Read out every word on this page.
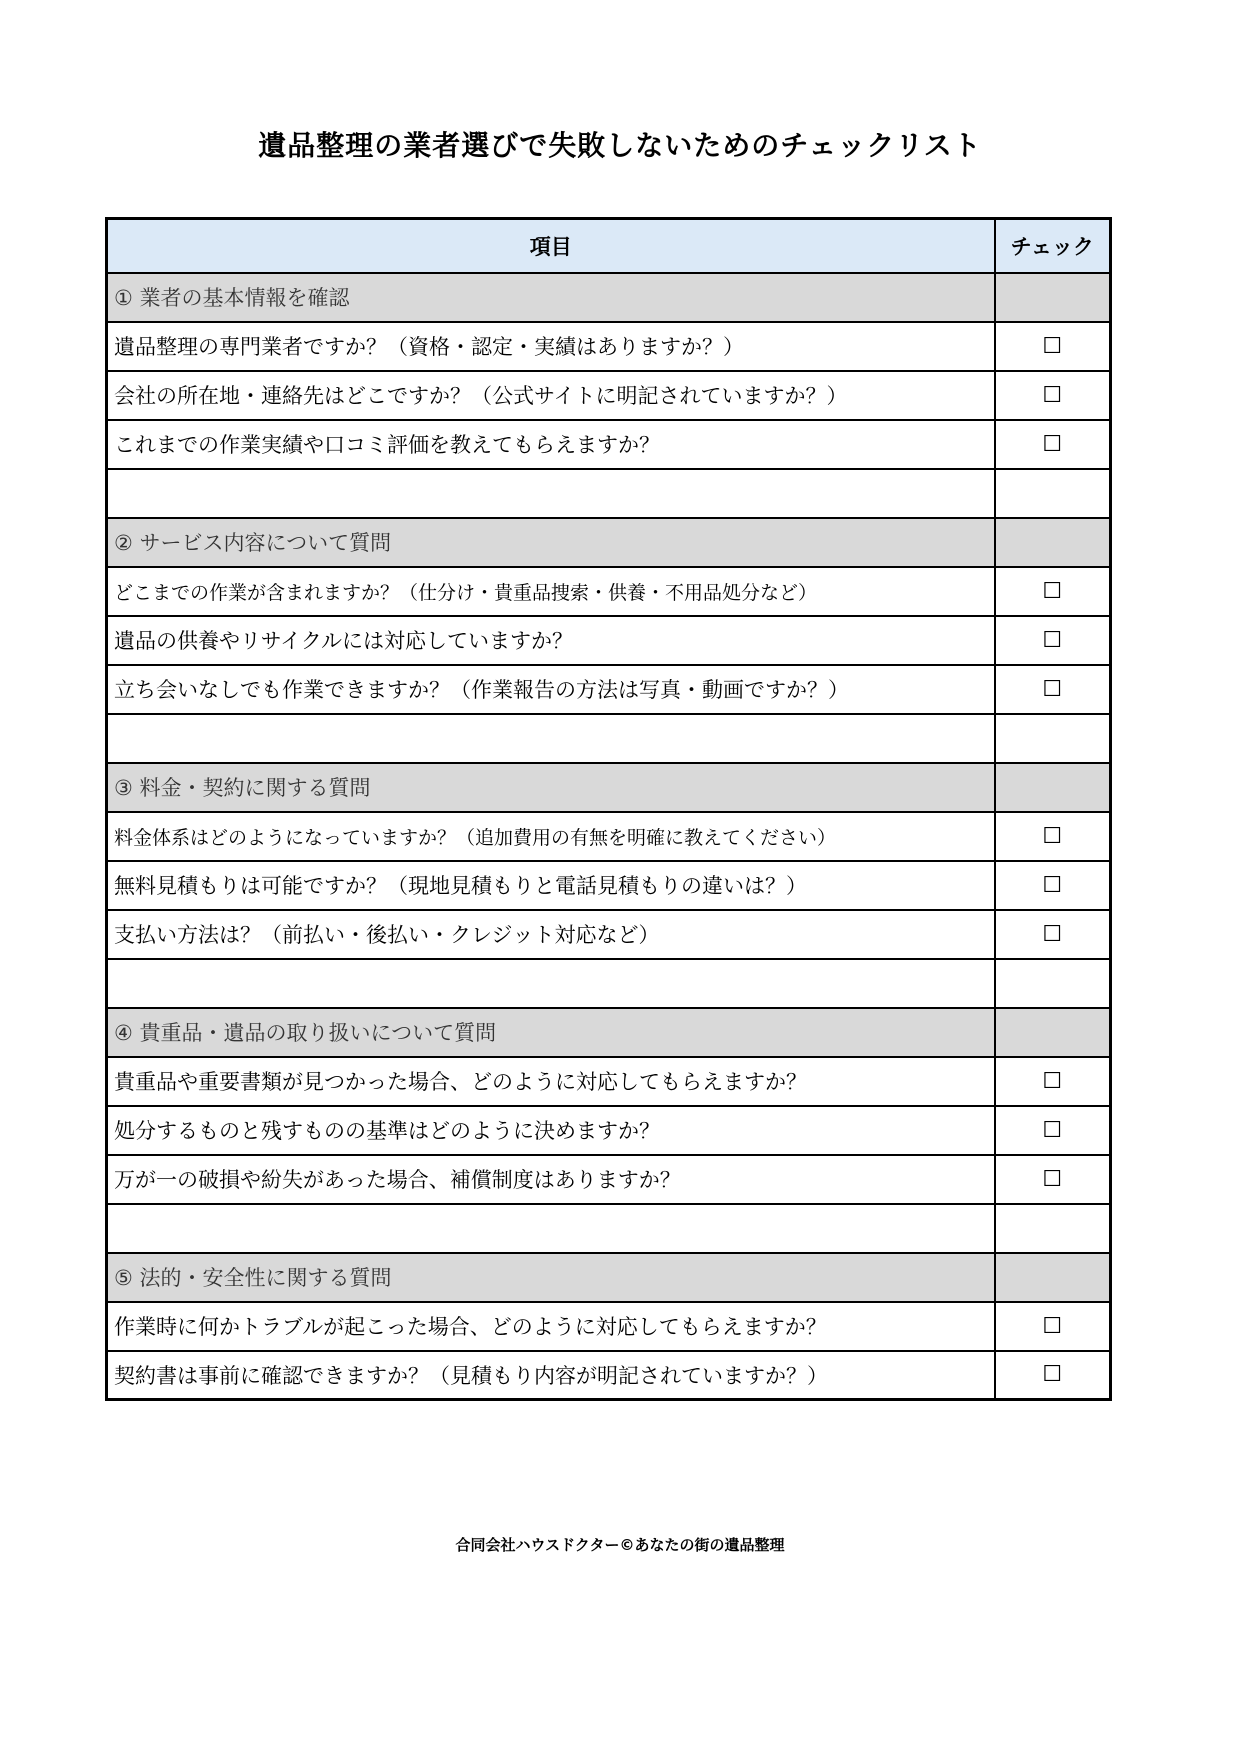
遺品整理の業者選びで失敗しないためのチェックリスト
項目	チェック
① 業者の基本情報を確認	
遺品整理の専門業者ですか？（資格・認定・実績はありますか？）	☐
会社の所在地・連絡先はどこですか？（公式サイトに明記されていますか？）	☐
これまでの作業実績や口コミ評価を教えてもらえますか？	☐

② サービス内容について質問	
どこまでの作業が含まれますか？（仕分け・貴重品捜索・供養・不用品処分など）	☐
遺品の供養やリサイクルには対応していますか？	☐
立ち会いなしでも作業できますか？（作業報告の方法は写真・動画ですか？）	☐

③ 料金・契約に関する質問	
料金体系はどのようになっていますか？（追加費用の有無を明確に教えてください）	☐
無料見積もりは可能ですか？（現地見積もりと電話見積もりの違いは？）	☐
支払い方法は？（前払い・後払い・クレジット対応など）	☐

④ 貴重品・遺品の取り扱いについて質問	
貴重品や重要書類が見つかった場合、どのように対応してもらえますか？	☐
処分するものと残すものの基準はどのように決めますか？	☐
万が一の破損や紛失があった場合、補償制度はありますか？	☐

⑤ 法的・安全性に関する質問	
作業時に何かトラブルが起こった場合、どのように対応してもらえますか？	☐
契約書は事前に確認できますか？（見積もり内容が明記されていますか？）	☐
合同会社ハウスドクター©あなたの街の遺品整理
